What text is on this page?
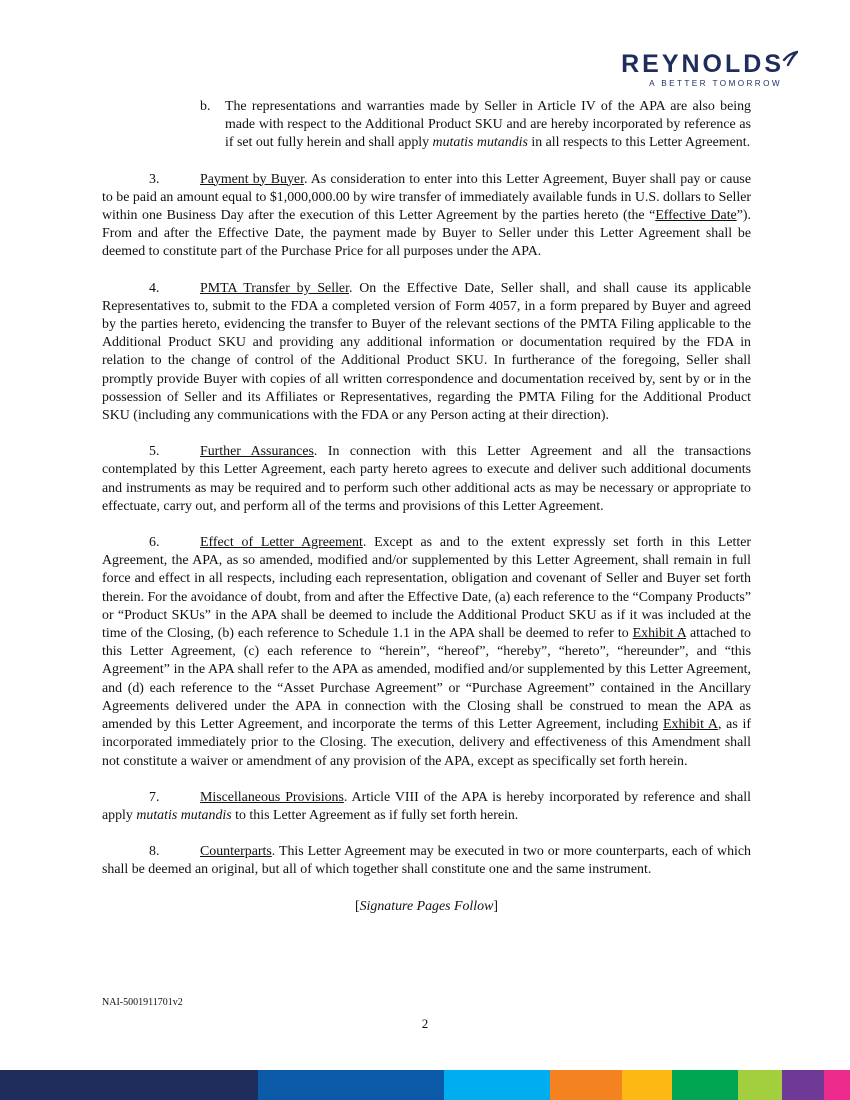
REYNOLDS
A BETTER TOMORROW

b. The representations and warranties made by Seller in Article IV of the APA are also being made with respect to the Additional Product SKU and are hereby incorporated by reference as if set out fully herein and shall apply mutatis mutandis in all respects to this Letter Agreement.

3.	Payment by Buyer. As consideration to enter into this Letter Agreement, Buyer shall pay or cause to be paid an amount equal to $1,000,000.00 by wire transfer of immediately available funds in U.S. dollars to Seller within one Business Day after the execution of this Letter Agreement by the parties hereto (the “Effective Date”). From and after the Effective Date, the payment made by Buyer to Seller under this Letter Agreement shall be deemed to constitute part of the Purchase Price for all purposes under the APA.

4.	PMTA Transfer by Seller. On the Effective Date, Seller shall, and shall cause its applicable Representatives to, submit to the FDA a completed version of Form 4057, in a form prepared by Buyer and agreed by the parties hereto, evidencing the transfer to Buyer of the relevant sections of the PMTA Filing applicable to the Additional Product SKU and providing any additional information or documentation required by the FDA in relation to the change of control of the Additional Product SKU. In furtherance of the foregoing, Seller shall promptly provide Buyer with copies of all written correspondence and documentation received by, sent by or in the possession of Seller and its Affiliates or Representatives, regarding the PMTA Filing for the Additional Product SKU (including any communications with the FDA or any Person acting at their direction).

5.	Further Assurances. In connection with this Letter Agreement and all the transactions contemplated by this Letter Agreement, each party hereto agrees to execute and deliver such additional documents and instruments as may be required and to perform such other additional acts as may be necessary or appropriate to effectuate, carry out, and perform all of the terms and provisions of this Letter Agreement.

6.	Effect of Letter Agreement. Except as and to the extent expressly set forth in this Letter Agreement, the APA, as so amended, modified and/or supplemented by this Letter Agreement, shall remain in full force and effect in all respects, including each representation, obligation and covenant of Seller and Buyer set forth therein. For the avoidance of doubt, from and after the Effective Date, (a) each reference to the “Company Products” or “Product SKUs” in the APA shall be deemed to include the Additional Product SKU as if it was included at the time of the Closing, (b) each reference to Schedule 1.1 in the APA shall be deemed to refer to Exhibit A attached to this Letter Agreement, (c) each reference to “herein”, “hereof”, “hereby”, “hereto”, “hereunder”, and “this Agreement” in the APA shall refer to the APA as amended, modified and/or supplemented by this Letter Agreement, and (d) each reference to the “Asset Purchase Agreement” or “Purchase Agreement” contained in the Ancillary Agreements delivered under the APA in connection with the Closing shall be construed to mean the APA as amended by this Letter Agreement, and incorporate the terms of this Letter Agreement, including Exhibit A, as if incorporated immediately prior to the Closing. The execution, delivery and effectiveness of this Amendment shall not constitute a waiver or amendment of any provision of the APA, except as specifically set forth herein.

7.	Miscellaneous Provisions. Article VIII of the APA is hereby incorporated by reference and shall apply mutatis mutandis to this Letter Agreement as if fully set forth herein.

8.	Counterparts. This Letter Agreement may be executed in two or more counterparts, each of which shall be deemed an original, but all of which together shall constitute one and the same instrument.

[Signature Pages Follow]

NAI-5001911701v2
2
